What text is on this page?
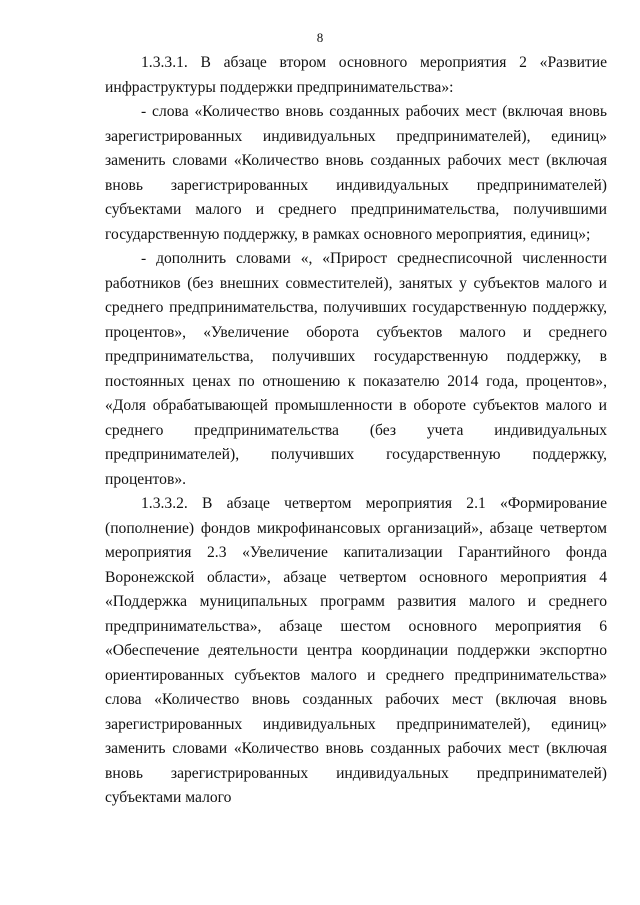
8

1.3.3.1. В абзаце втором основного мероприятия 2 «Развитие инфраструктуры поддержки предпринимательства»:

- слова «Количество вновь созданных рабочих мест (включая вновь зарегистрированных индивидуальных предпринимателей), единиц» заменить словами «Количество вновь созданных рабочих мест (включая вновь зарегистрированных индивидуальных предпринимателей) субъектами малого и среднего предпринимательства, получившими государственную поддержку, в рамках основного мероприятия, единиц»;

- дополнить словами «, «Прирост среднесписочной численности работников (без внешних совместителей), занятых у субъектов малого и среднего предпринимательства, получивших государственную поддержку, процентов», «Увеличение оборота субъектов малого и среднего предпринимательства, получивших государственную поддержку, в постоянных ценах по отношению к показателю 2014 года, процентов», «Доля обрабатывающей промышленности в обороте субъектов малого и среднего предпринимательства (без учета индивидуальных предпринимателей), получивших государственную поддержку, процентов».

1.3.3.2. В абзаце четвертом мероприятия 2.1 «Формирование (пополнение) фондов микрофинансовых организаций», абзаце четвертом мероприятия 2.3 «Увеличение капитализации Гарантийного фонда Воронежской области», абзаце четвертом основного мероприятия 4 «Поддержка муниципальных программ развития малого и среднего предпринимательства», абзаце шестом основного мероприятия 6 «Обеспечение деятельности центра координации поддержки экспортно ориентированных субъектов малого и среднего предпринимательства» слова «Количество вновь созданных рабочих мест (включая вновь зарегистрированных индивидуальных предпринимателей), единиц» заменить словами «Количество вновь созданных рабочих мест (включая вновь зарегистрированных индивидуальных предпринимателей) субъектами малого
